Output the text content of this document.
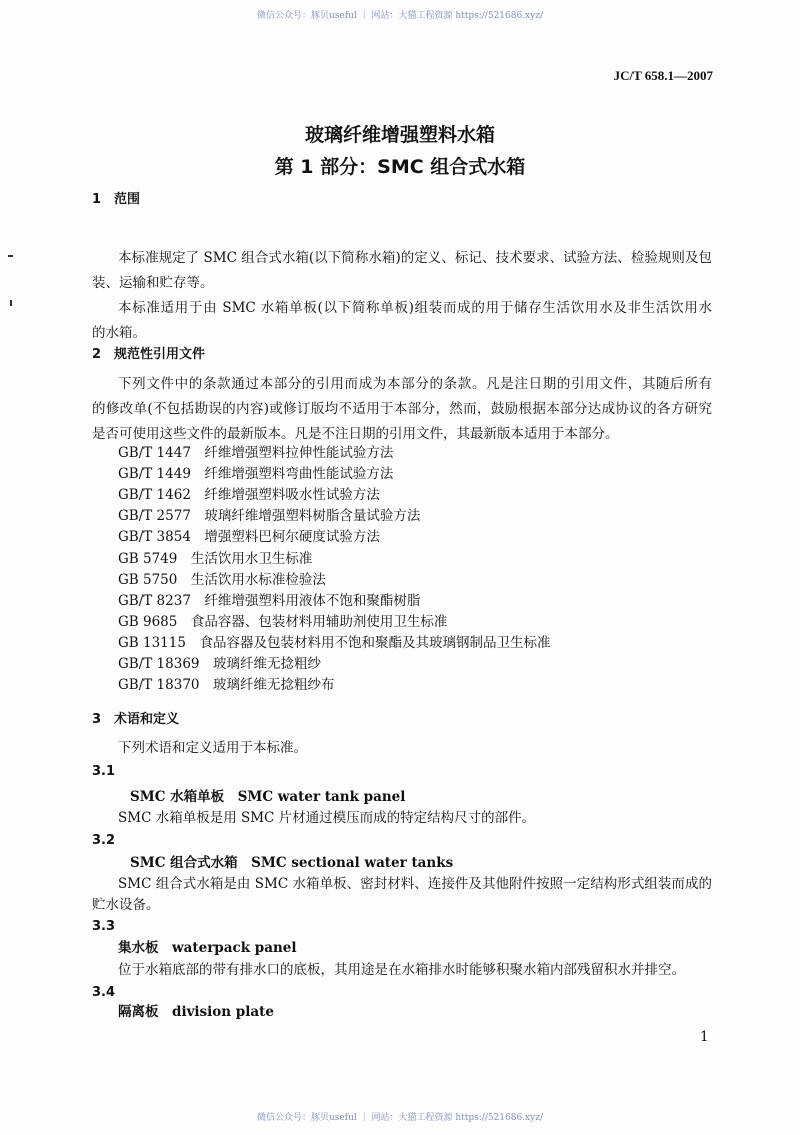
微信公众号：豚贝useful ｜ 网站：大猫工程资源 https://521686.xyz/
JC/T 658.1—2007
玻璃纤维增强塑料水箱
第 1 部分：SMC 组合式水箱
1　范围
本标准规定了 SMC 组合式水箱(以下简称水箱)的定义、标记、技术要求、试验方法、检验规则及包
装、运输和贮存等。
本标准适用于由 SMC 水箱单板(以下简称单板)组装而成的用于储存生活饮用水及非生活饮用水
的水箱。
2　规范性引用文件
下列文件中的条款通过本部分的引用而成为本部分的条款。凡是注日期的引用文件，其随后所有
的修改单(不包括勘误的内容)或修订版均不适用于本部分，然而，鼓励根据本部分达成协议的各方研究
是否可使用这些文件的最新版本。凡是不注日期的引用文件，其最新版本适用于本部分。
GB/T 1447　纤维增强塑料拉伸性能试验方法
GB/T 1449　纤维增强塑料弯曲性能试验方法
GB/T 1462　纤维增强塑料吸水性试验方法
GB/T 2577　玻璃纤维增强塑料树脂含量试验方法
GB/T 3854　增强塑料巴柯尔硬度试验方法
GB 5749　生活饮用水卫生标准
GB 5750　生活饮用水标准检验法
GB/T 8237　纤维增强塑料用液体不饱和聚酯树脂
GB 9685　食品容器、包装材料用辅助剂使用卫生标准
GB 13115　食品容器及包装材料用不饱和聚酯及其玻璃钢制品卫生标准
GB/T 18369　玻璃纤维无捻粗纱
GB/T 18370　玻璃纤维无捻粗纱布
3　术语和定义
下列术语和定义适用于本标准。
3.1
SMC 水箱单板　SMC water tank panel
SMC 水箱单板是用 SMC 片材通过模压而成的特定结构尺寸的部件。
3.2
SMC 组合式水箱　SMC sectional water tanks
SMC 组合式水箱是由 SMC 水箱单板、密封材料、连接件及其他附件按照一定结构形式组装而成的
贮水设备。
3.3
集水板　waterpack panel
位于水箱底部的带有排水口的底板，其用途是在水箱排水时能够积聚水箱内部残留积水并排空。
3.4
隔离板　division plate
1
微信公众号：豚贝useful ｜ 网站：大猫工程资源 https://521686.xyz/
